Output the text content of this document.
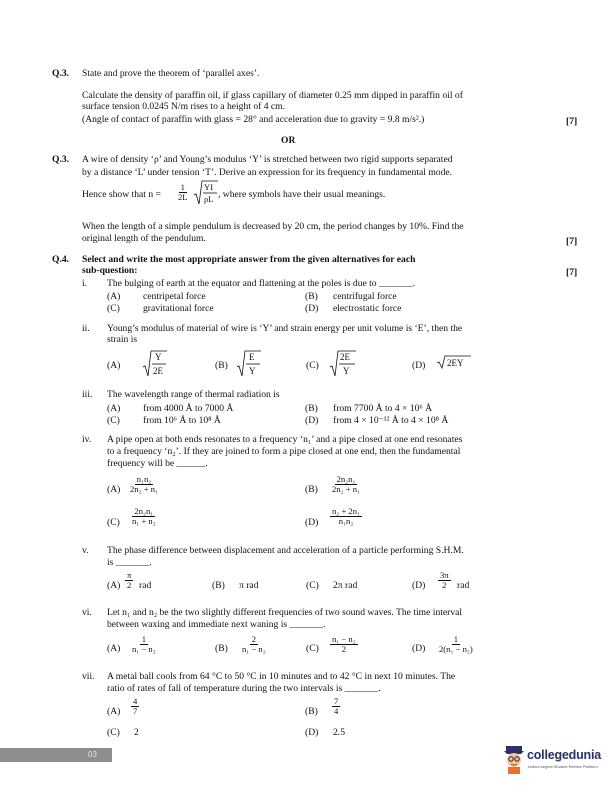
Q.3. State and prove the theorem of ‘parallel axes’.
Calculate the density of paraffin oil, if glass capillary of diameter 0.25 mm dipped in paraffin oil of
surface tension 0.0245 N/m rises to a height of 4 cm.
(Angle of contact of paraffin with glass = 28° and acceleration due to gravity = 9.8 m/s².)	[7]
OR
Q.3. A wire of density ‘ρ’ and Young’s modulus ‘Y’ is stretched between two rigid supports separated
by a distance ‘L’ under tension ‘T’. Derive an expression for its frequency in fundamental mode.
Hence show that $n = \frac{1}{2L}$ YI
ρL , where symbols have their usual meanings.
When the length of a simple pendulum is decreased by 20 cm, the period changes by 10%. Find the
original length of the pendulum.	[7]
Q.4. Select and write the most appropriate answer from the given alternatives for each
sub-question:	[7]
i. The bulging of earth at the equator and flattening at the poles is due to _______.
(A) centripetal force	(B) centrifugal force
(C) gravitational force	(D) electrostatic force
ii. Young’s modulus of material of wire is ‘Y’ and strain energy per unit volume is ‘E’, then the
strain is
(A)
Y
2E	(B)
E
Y	(C)
2E
Y	(D) 2EY
iii. The wavelength range of thermal radiation is
(A) from 4000 Å to 7000 Å	(B) from 7700 Å to 4 × 10⁶ Å
(C) from 10⁶ Å to 10⁸ Å	(D) from 4 × 10⁻¹² Å to 4 × 10⁸ Å
iv. A pipe open at both ends resonates to a frequency ‘n₁’ and a pipe closed at one end resonates
to a frequency ‘n₂’. If they are joined to form a pipe closed at one end, then the fundamental
frequency will be ______.
$(A) \frac{\text{n₁n₂}}{\text{2n₂ + n₁}}$	$(B) \frac{\text{2n₂n₁}}{\text{2n₂ + n₁}}$
$(C) \frac{\text{2n₂n₁}}{\text{n₁ + n₂}}$	$(D) \frac{\text{n₂ + 2n₁}}{\text{n₁n₂}}$
v. The phase difference between displacement and acceleration of a particle performing S.H.M.
is _______.
$(A) \frac{\pi}{2}$ rad	(B) π rad	(C) 2π rad	$(D) \frac{3\pi}{2}$ rad
vi. Let n₁ and n₂ be the two slightly different frequencies of two sound waves. The time interval
between waxing and immediate next waning is _______.
$(A) \frac{1}{\text{n₁ − n₂}}$	$(B) \frac{2}{\text{n₁ − n₂}}$	$(C) \frac{\text{n₁ − n₂}}{2}$	$(D) \frac{1}{\text{2(n₁ − n₂)}}$
vii. A metal ball cools from 64 °C to 50 °C in 10 minutes and to 42 °C in next 10 minutes. The
ratio of rates of fall of temperature during the two intervals is _______.
$(A) \frac{4}{7}$	$(B) \frac{7}{4}$
(C) 2	(D) 2.5
03	collegedunia
India's largest Student Review Platform
